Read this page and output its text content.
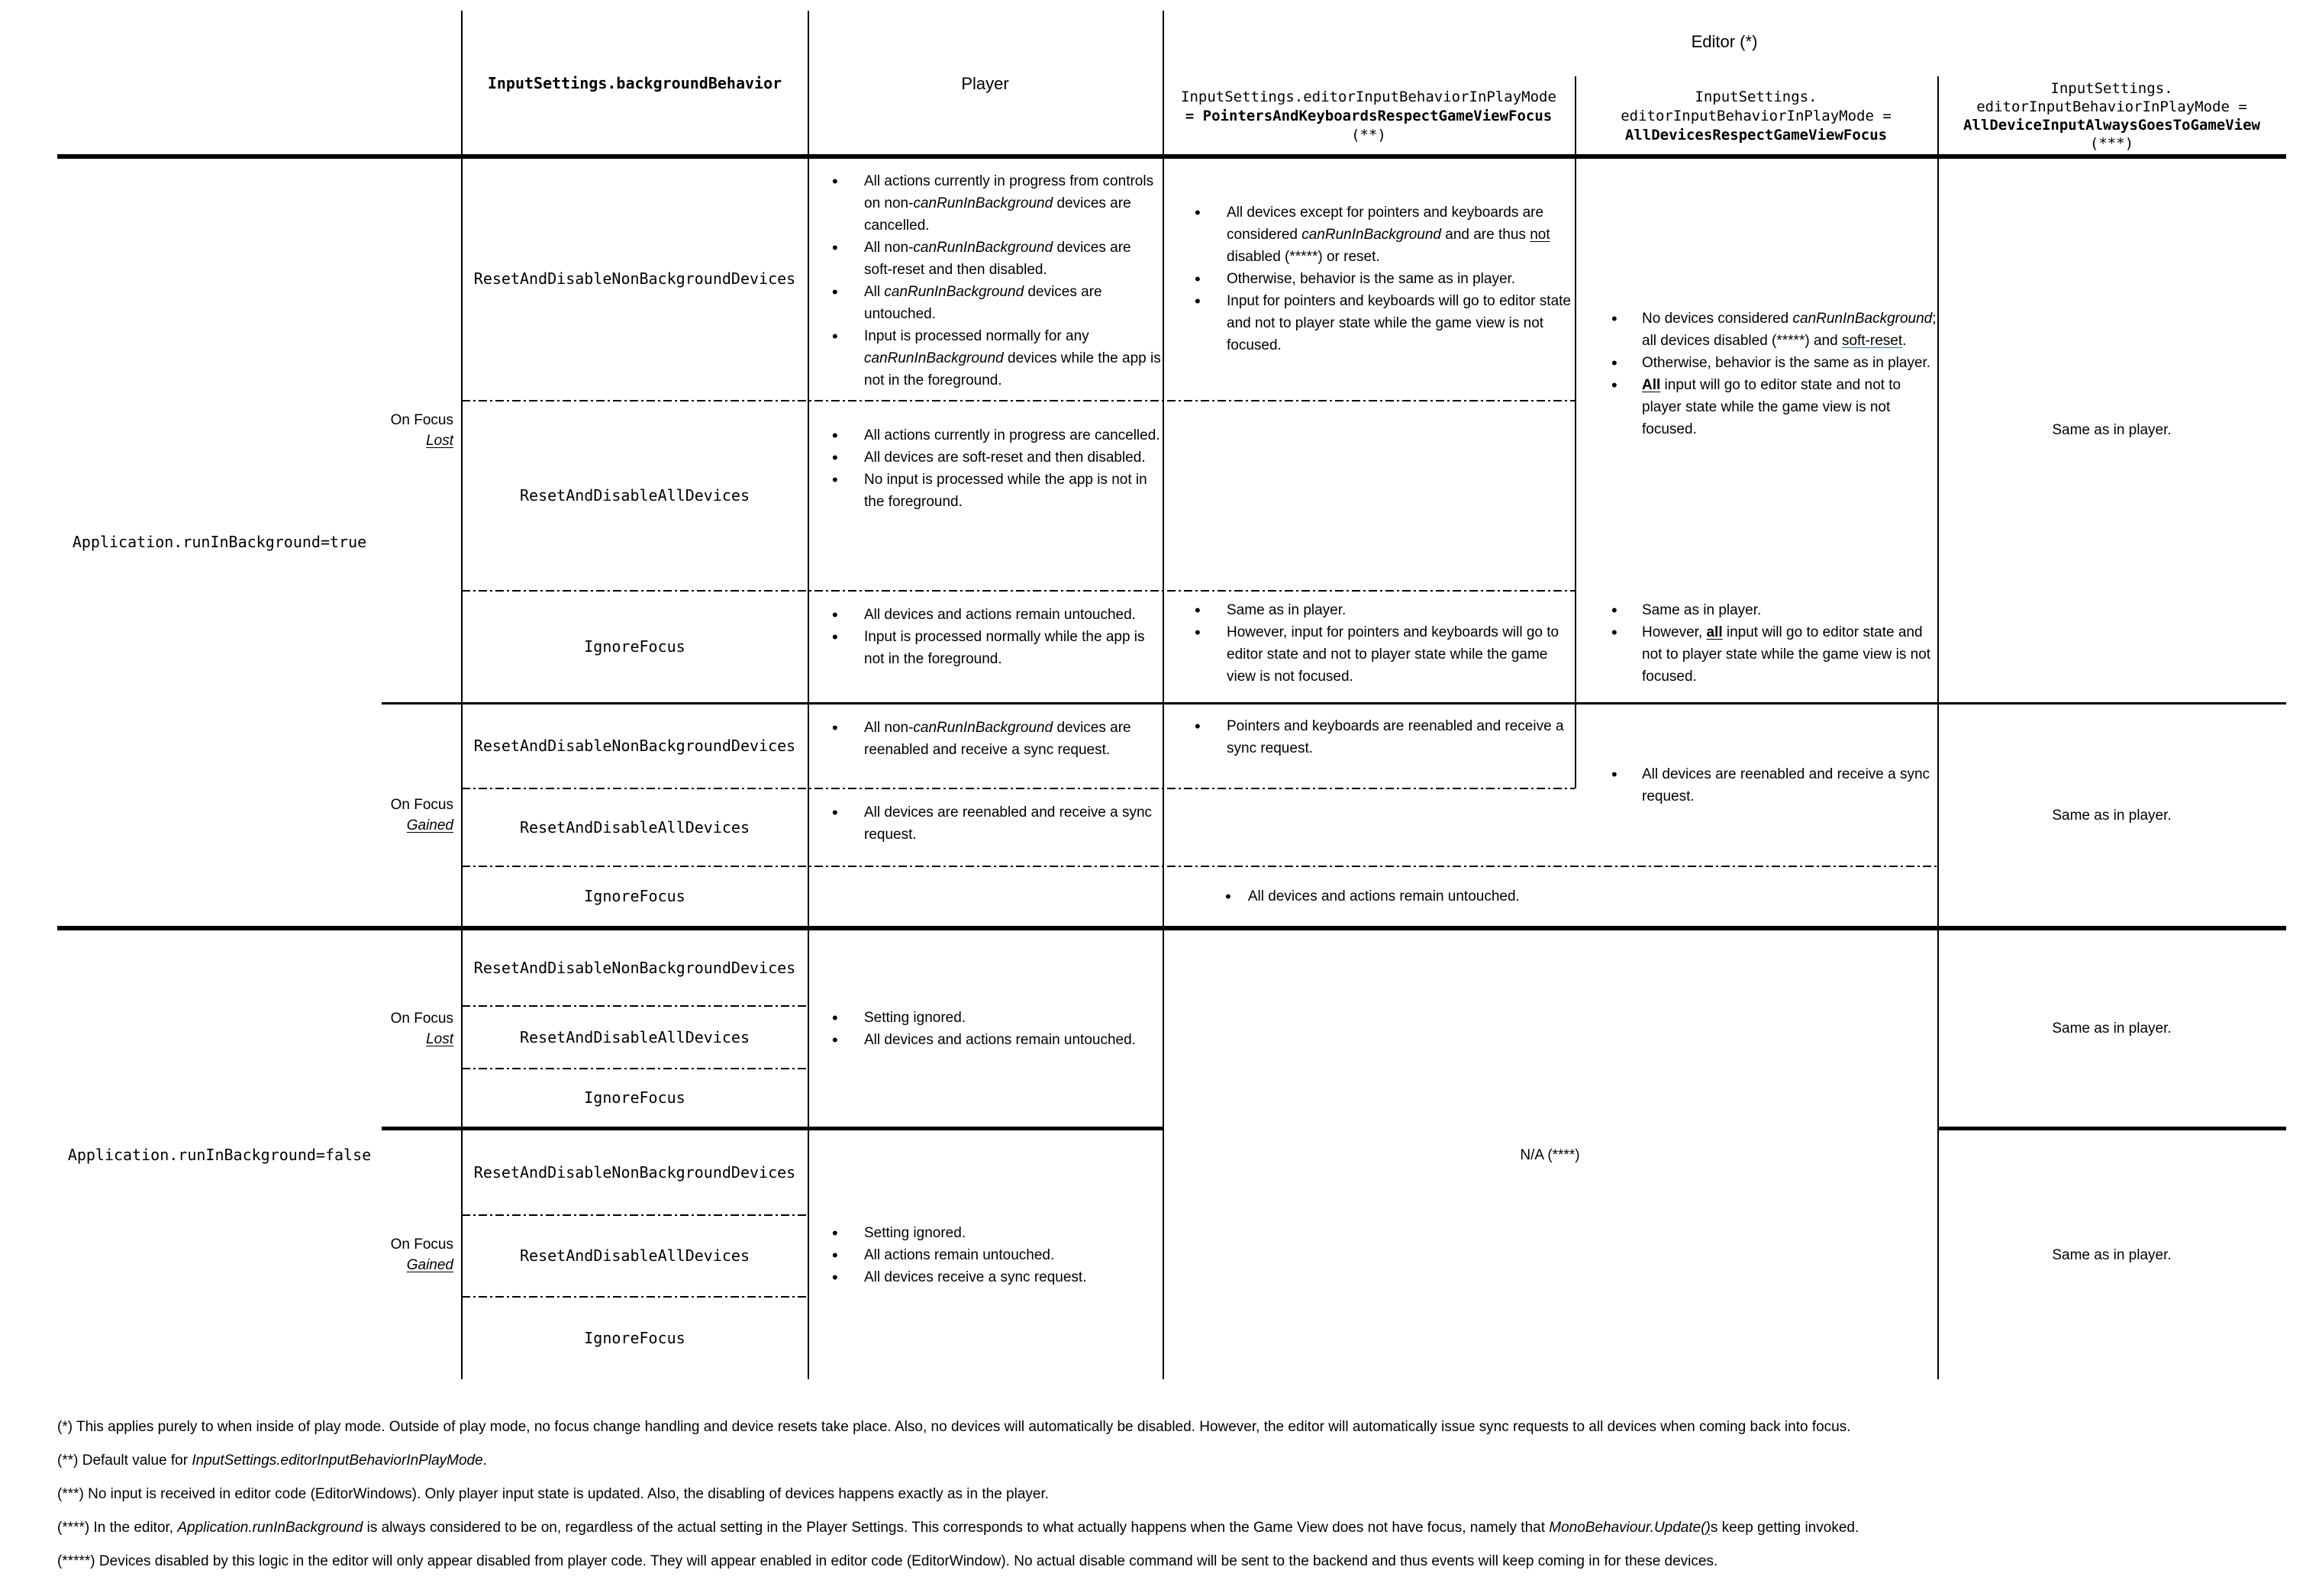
InputSettings.backgroundBehavior	Player
Editor (*)
InputSettings.editorInputBehaviorInPlayMode
= PointersAndKeyboardsRespectGameViewFocus
(**)
InputSettings.
editorInputBehaviorInPlayMode =
AllDevicesRespectGameViewFocus
InputSettings.
editorInputBehaviorInPlayMode =
AllDeviceInputAlwaysGoesToGameView
(***)
Application.runInBackground=true
Application.runInBackground=false
On Focus
Lost
On Focus
Gained
On Focus
Lost
On Focus
Gained
ResetAndDisableNonBackgroundDevices
ResetAndDisableAllDevices
IgnoreFocus
ResetAndDisableNonBackgroundDevices
ResetAndDisableAllDevices
IgnoreFocus
ResetAndDisableNonBackgroundDevices
ResetAndDisableAllDevices
IgnoreFocus
ResetAndDisableNonBackgroundDevices
ResetAndDisableAllDevices
IgnoreFocus
• All actions currently in progress from controls on non-canRunInBackground devices are cancelled.
• All non-canRunInBackground devices are soft-reset and then disabled.
• All canRunInBackground devices are untouched.
• Input is processed normally for any canRunInBackground devices while the app is not in the foreground.
• All actions currently in progress are cancelled.
• All devices are soft-reset and then disabled.
• No input is processed while the app is not in the foreground.
• All devices and actions remain untouched.
• Input is processed normally while the app is not in the foreground.
• All non-canRunInBackground devices are reenabled and receive a sync request.
• All devices are reenabled and receive a sync request.
• Setting ignored.
• All devices and actions remain untouched.
• Setting ignored.
• All actions remain untouched.
• All devices receive a sync request.
• All devices except for pointers and keyboards are considered canRunInBackground and are thus not disabled (*****) or reset.
• Otherwise, behavior is the same as in player.
• Input for pointers and keyboards will go to editor state and not to player state while the game view is not focused.
• Same as in player.
• However, input for pointers and keyboards will go to editor state and not to player state while the game view is not focused.
• Pointers and keyboards are reenabled and receive a sync request.
• No devices considered canRunInBackground; all devices disabled (*****) and soft-reset.
• Otherwise, behavior is the same as in player.
• All input will go to editor state and not to player state while the game view is not focused.
• Same as in player.
• However, all input will go to editor state and not to player state while the game view is not focused.
• All devices are reenabled and receive a sync request.
• All devices and actions remain untouched.
N/A (****)
Same as in player.
Same as in player.
Same as in player.
Same as in player.

(*) This applies purely to when inside of play mode. Outside of play mode, no focus change handling and device resets take place. Also, no devices will automatically be disabled. However, the editor will automatically issue sync requests to all devices when coming back into focus.

(**) Default value for InputSettings.editorInputBehaviorInPlayMode.

(***) No input is received in editor code (EditorWindows). Only player input state is updated. Also, the disabling of devices happens exactly as in the player.

(****) In the editor, Application.runInBackground is always considered to be on, regardless of the actual setting in the Player Settings. This corresponds to what actually happens when the Game View does not have focus, namely that MonoBehaviour.Update()s keep getting invoked.

(*****) Devices disabled by this logic in the editor will only appear disabled from player code. They will appear enabled in editor code (EditorWindow). No actual disable command will be sent to the backend and thus events will keep coming in for these devices.
